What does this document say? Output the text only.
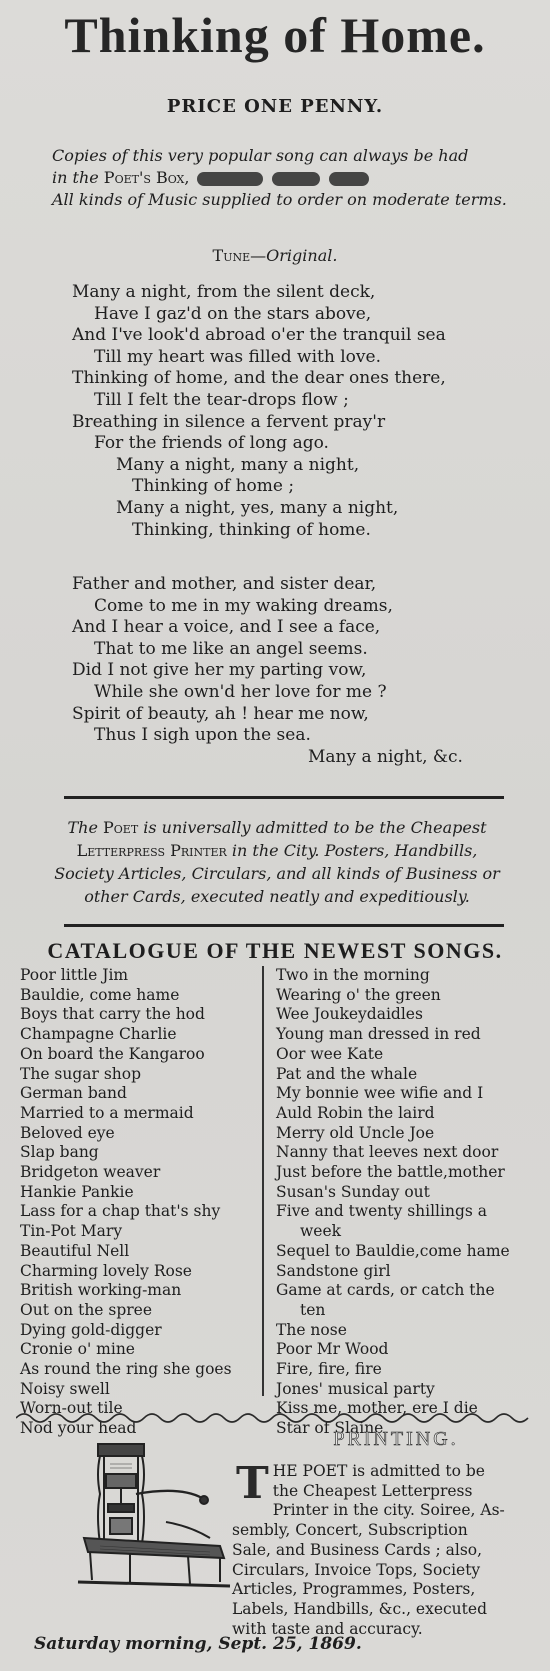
Thinking of Home.
PRICE ONE PENNY.
Copies of this very popular song can always be had
in the Poet's Box,
All kinds of Music supplied to order on moderate terms.
Tune—Original.
Many a night, from the silent deck,
Have I gaz'd on the stars above,
And I've look'd abroad o'er the tranquil sea
Till my heart was filled with love.
Thinking of home, and the dear ones there,
Till I felt the tear-drops flow ;
Breathing in silence a fervent pray'r
For the friends of long ago.
Many a night, many a night,
Thinking of home ;
Many a night, yes, many a night,
Thinking, thinking of home.
Father and mother, and sister dear,
Come to me in my waking dreams,
And I hear a voice, and I see a face,
That to me like an angel seems.
Did I not give her my parting vow,
While she own'd her love for me ?
Spirit of beauty, ah ! hear me now,
Thus I sigh upon the sea.
Many a night, &c.
The Poet is universally admitted to be the Cheapest
Letterpress Printer in the City. Posters, Handbills,
Society Articles, Circulars, and all kinds of Business or
other Cards, executed neatly and expeditiously.
CATALOGUE OF THE NEWEST SONGS.
Poor little Jim
Bauldie, come hame
Boys that carry the hod
Champagne Charlie
On board the Kangaroo
The sugar shop
German band
Married to a mermaid
Beloved eye
Slap bang
Bridgeton weaver
Hankie Pankie
Lass for a chap that's shy
Tin-Pot Mary
Beautiful Nell
Charming lovely Rose
British working-man
Out on the spree
Dying gold-digger
Cronie o' mine
As round the ring she goes
Noisy swell
Worn-out tile
Nod your head
Two in the morning
Wearing o' the green
Wee Joukeydaidles
Young man dressed in red
Oor wee Kate
Pat and the whale
My bonnie wee wifie and I
Auld Robin the laird
Merry old Uncle Joe
Nanny that leeves next door
Just before the battle,mother
Susan's Sunday out
Five and twenty shillings a
week
Sequel to Bauldie,come hame
Sandstone girl
Game at cards, or catch the
ten
The nose
Poor Mr Wood
Fire, fire, fire
Jones' musical party
Kiss me, mother, ere I die
Star of Slaine
PRINTING.
T HE POET is admitted to be
the Cheapest Letterpress
Printer in the city. Soiree, As-
sembly, Concert, Subscription
Sale, and Business Cards ; also,
Circulars, Invoice Tops, Society
Articles, Programmes, Posters,
Labels, Handbills, &c., executed
with taste and accuracy.
Saturday morning, Sept. 25, 1869.
